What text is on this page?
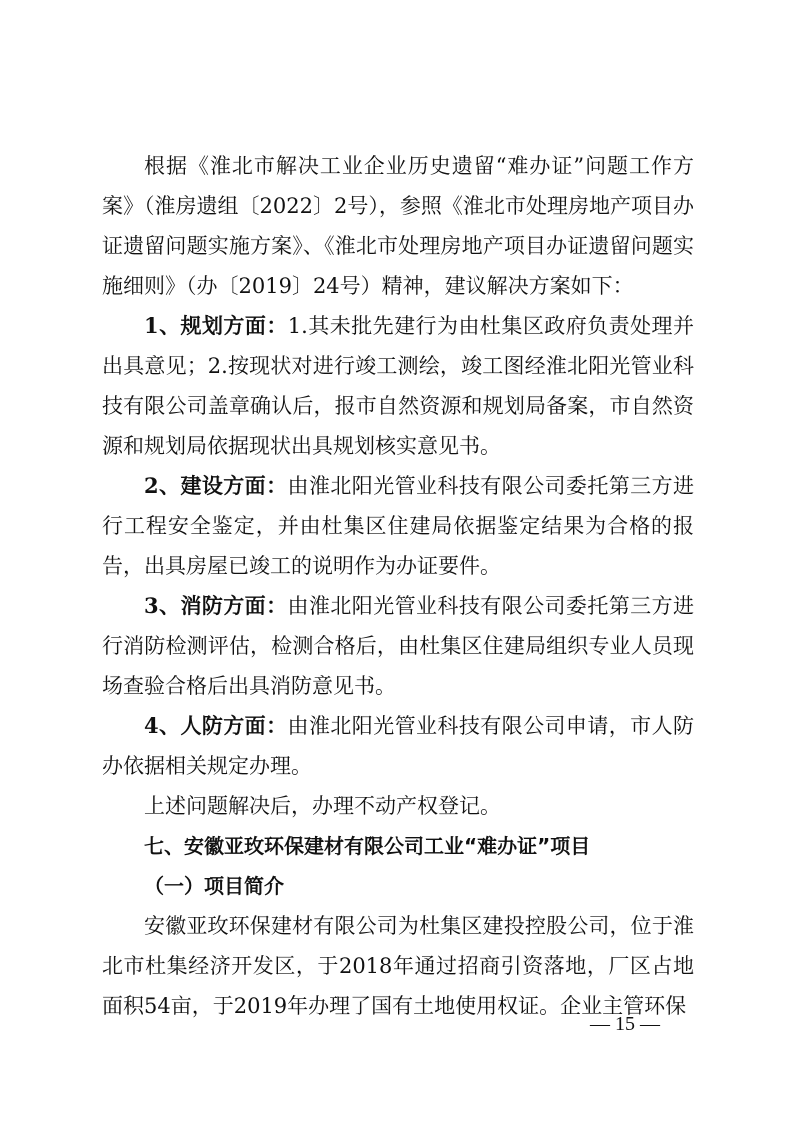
根据《淮北市解决工业企业历史遗留“难办证”问题工作方案》（淮房遗组〔2022〕2号），参照《淮北市处理房地产项目办证遗留问题实施方案》、《淮北市处理房地产项目办证遗留问题实施细则》（办〔2019〕24号）精神，建议解决方案如下：

1、规划方面：1.其未批先建行为由杜集区政府负责处理并出具意见；2.按现状对进行竣工测绘，竣工图经淮北阳光管业科技有限公司盖章确认后，报市自然资源和规划局备案，市自然资源和规划局依据现状出具规划核实意见书。

2、建设方面：由淮北阳光管业科技有限公司委托第三方进行工程安全鉴定，并由杜集区住建局依据鉴定结果为合格的报告，出具房屋已竣工的说明作为办证要件。

3、消防方面：由淮北阳光管业科技有限公司委托第三方进行消防检测评估，检测合格后，由杜集区住建局组织专业人员现场查验合格后出具消防意见书。

4、人防方面：由淮北阳光管业科技有限公司申请，市人防办依据相关规定办理。

上述问题解决后，办理不动产权登记。

七、安徽亚玫环保建材有限公司工业“难办证”项目

（一）项目简介

安徽亚玫环保建材有限公司为杜集区建投控股公司，位于淮北市杜集经济开发区，于2018年通过招商引资落地，厂区占地面积54亩，于2019年办理了国有土地使用权证。企业主管环保

— 15 —
